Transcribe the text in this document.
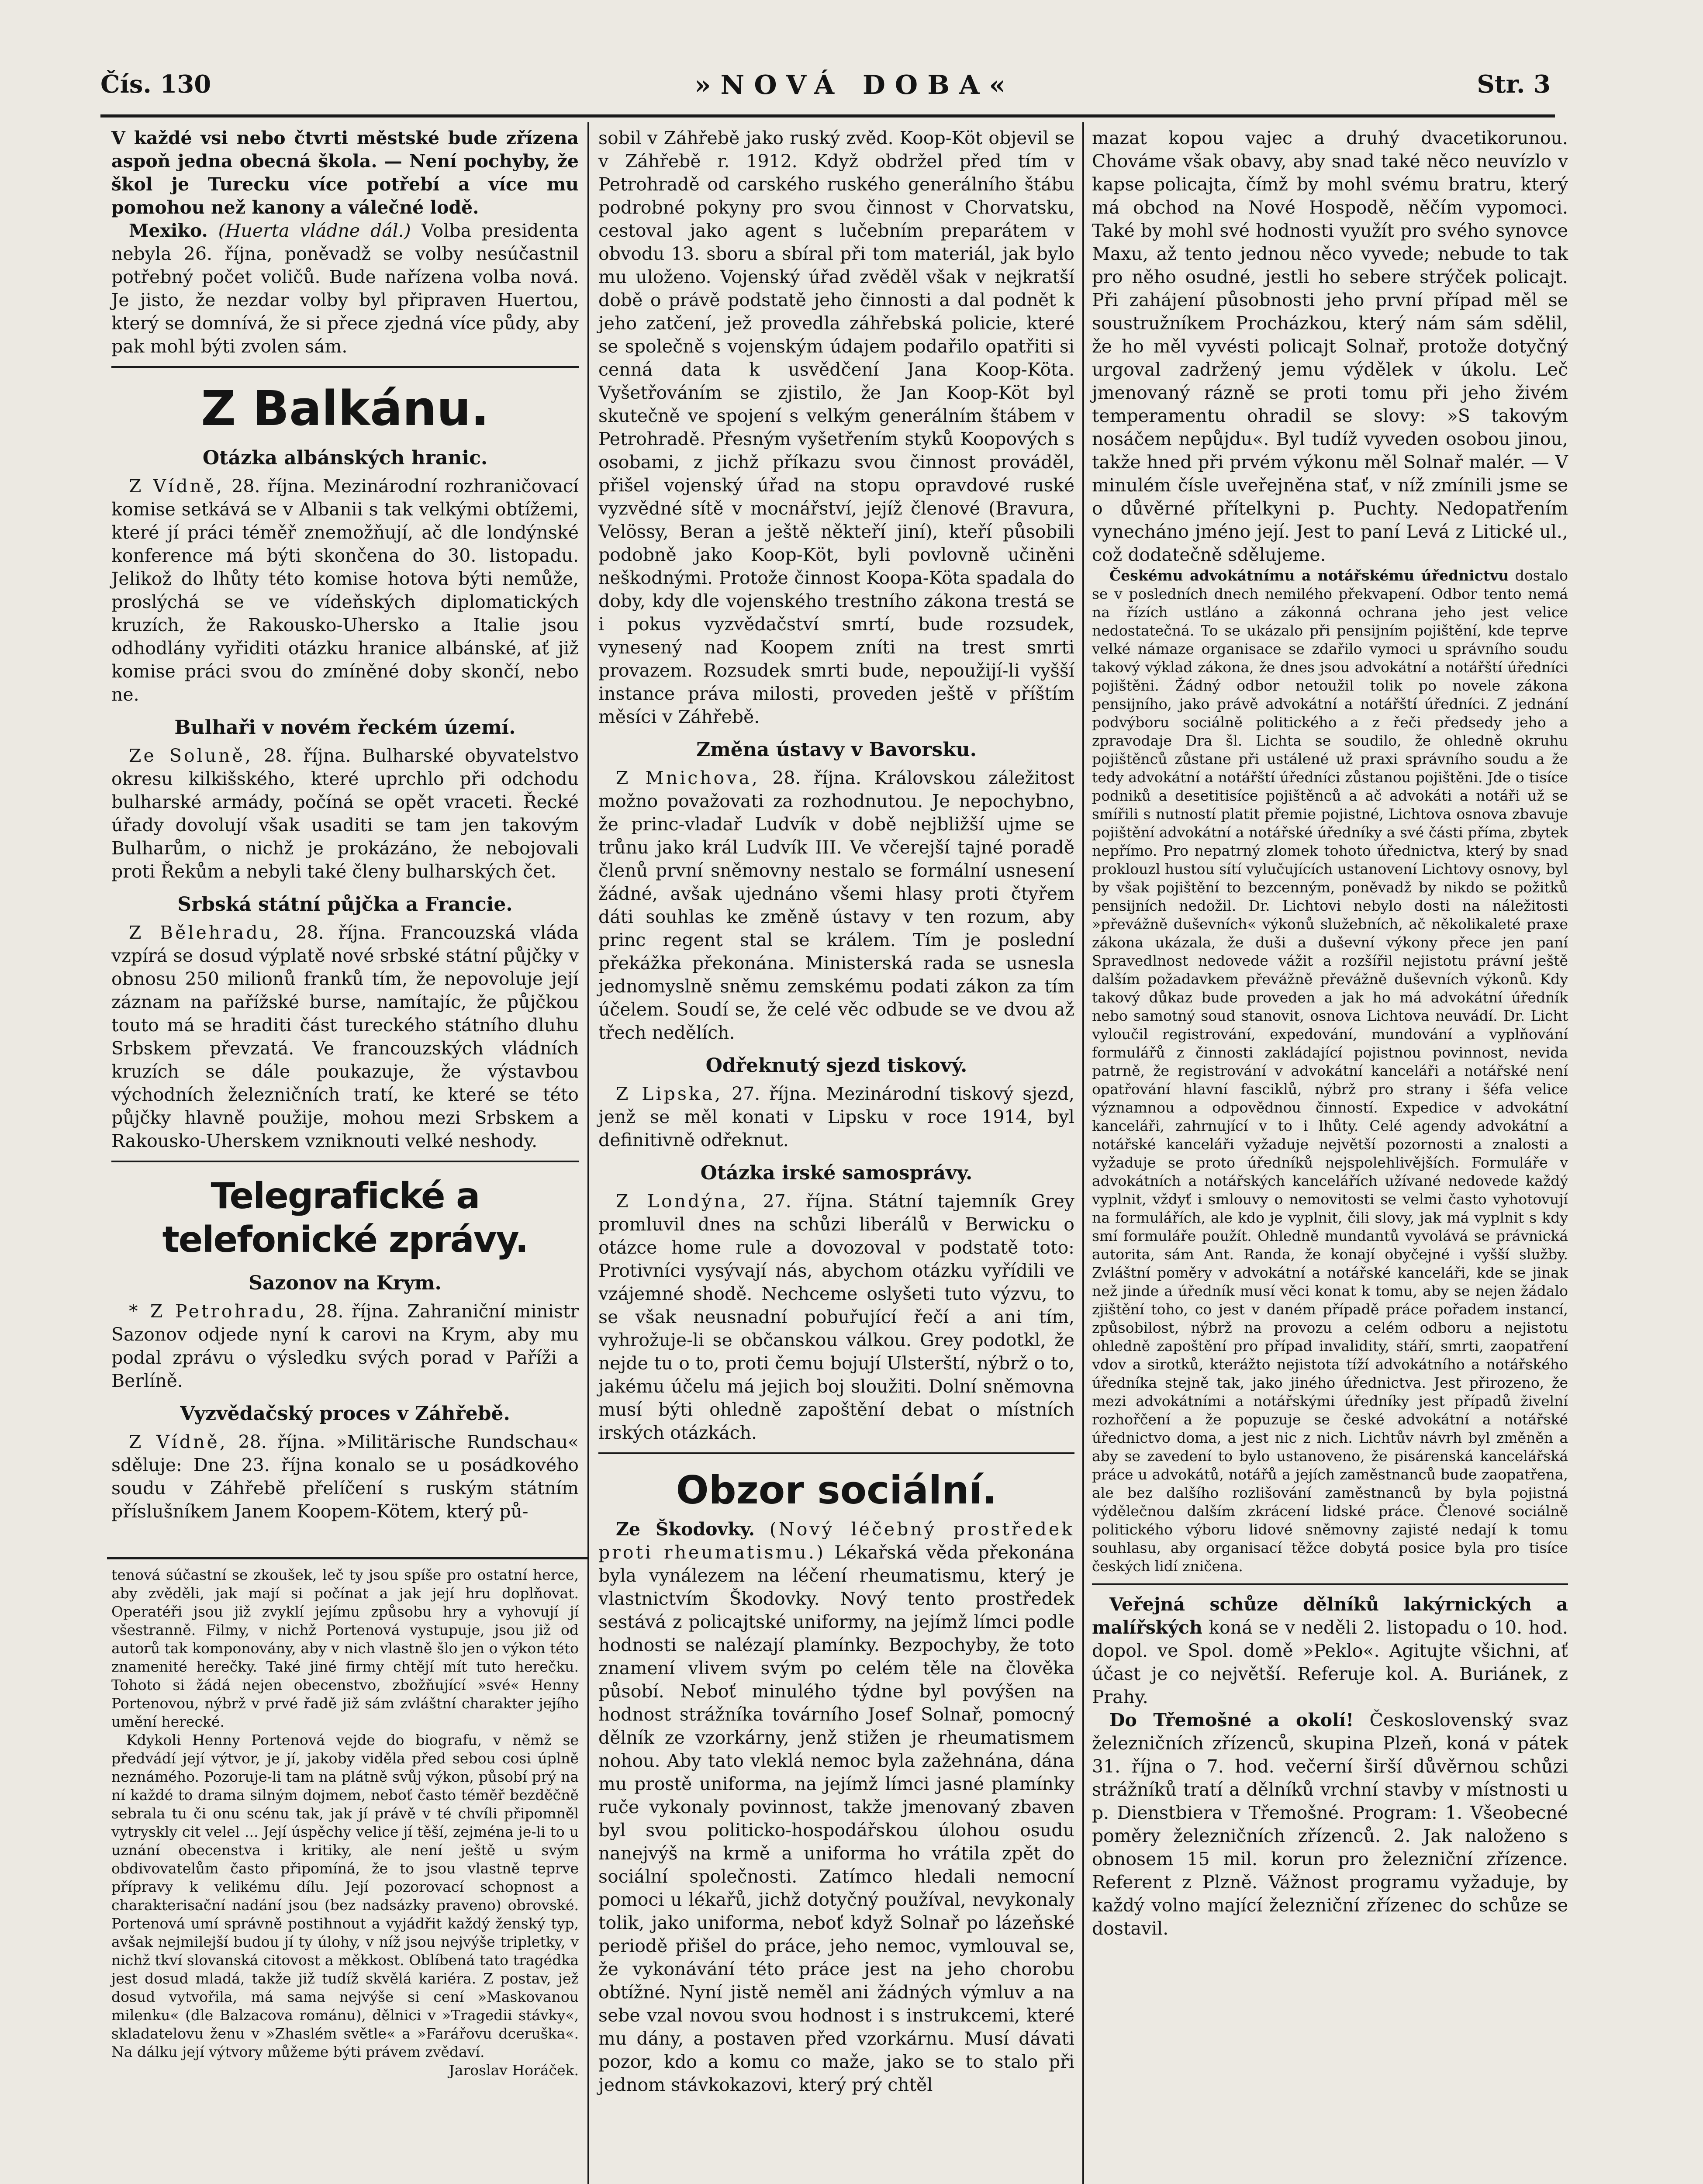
Čís. 130	»NOVÁ DOBA«	Str. 3

V každé vsi nebo čtvrti městské bude zřízena aspoň jedna obecná škola. — Není pochyby, že škol je Turecku více potřebí a více mu pomohou než kanony a válečné lodě.

Mexiko. (Huerta vládne dál.) Volba presidenta nebyla 26. října, poněvadž se volby nesúčastnil potřebný počet voličů. Bude nařízena volba nová. Je jisto, že nezdar volby byl připraven Huertou, který se domnívá, že si přece zjedná více půdy, aby pak mohl býti zvolen sám.

Z Balkánu.
Otázka albánských hranic.

Z Vídně, 28. října. Mezinárodní rozhraničovací komise setkává se v Albanii s tak velkými obtížemi, které jí práci téměř znemožňují, ač dle londýnské konference má býti skončena do 30. listopadu. Jelikož do lhůty této komise hotova býti nemůže, proslýchá se ve vídeňských diplomatických kruzích, že Rakousko-Uhersko a Italie jsou odhodlány vyřiditi otázku hranice albánské, ať již komise práci svou do zmíněné doby skončí, nebo ne.

Bulhaři v novém řeckém území.

Ze Soluně, 28. října. Bulharské obyvatelstvo okresu kilkišského, které uprchlo při odchodu bulharské armády, počíná se opět vraceti. Řecké úřady dovolují však usaditi se tam jen takovým Bulharům, o nichž je prokázáno, že nebojovali proti Řekům a nebyli také členy bulharských čet.

Srbská státní půjčka a Francie.

Z Bělehradu, 28. října. Francouzská vláda vzpírá se dosud výplatě nové srbské státní půjčky v obnosu 250 milionů franků tím, že nepovoluje její záznam na pařížské burse, namítajíc, že půjčkou touto má se hraditi část tureckého státního dluhu Srbskem převzatá. Ve francouzských vládních kruzích se dále poukazuje, že výstavbou východních železničních tratí, ke které se této půjčky hlavně použije, mohou mezi Srbskem a Rakousko-Uherskem vzniknouti velké neshody.

Telegrafické a telefonické zprávy.
Sazonov na Krym.

* Z Petrohradu, 28. října. Zahraniční ministr Sazonov odjede nyní k carovi na Krym, aby mu podal zprávu o výsledku svých porad v Paříži a Berlíně.

Vyzvědačský proces v Záhřebě.

Z Vídně, 28. října. »Militärische Rundschau« sděluje: Dne 23. října konalo se u posádkového soudu v Záhřebě přelíčení s ruským státním příslušníkem Janem Koopem-Kötem, který pů-

tenová súčastní se zkoušek, leč ty jsou spíše pro ostatní herce, aby zvěděli, jak mají si počínat a jak její hru doplňovat. Operatéři jsou již zvyklí jejímu způsobu hry a vyhovují jí všestranně. Filmy, v nichž Portenová vystupuje, jsou již od autorů tak komponovány, aby v nich vlastně šlo jen o výkon této znamenité herečky. Také jiné firmy chtějí mít tuto herečku. Tohoto si žádá nejen obecenstvo, zbožňující »své« Henny Portenovou, nýbrž v prvé řadě již sám zvláštní charakter jejího umění herecké.

Kdykoli Henny Portenová vejde do biografu, v němž se předvádí její výtvor, je jí, jakoby viděla před sebou cosi úplně neznámého. Pozoruje-li tam na plátně svůj výkon, působí prý na ní každé to drama silným dojmem, neboť často téměř bezděčně sebrala tu či onu scénu tak, jak jí právě v té chvíli připomněl vytryskly cit velel ... Její úspěchy velice jí těší, zejména je-li to u uznání obecenstva i kritiky, ale není ještě u svým obdivovatelům často připomíná, že to jsou vlastně teprve přípravy k velikému dílu. Její pozorovací schopnost a charakterisační nadání jsou (bez nadsázky praveno) obrovské. Portenová umí správně postihnout a vyjádřit každý ženský typ, avšak nejmilejší budou jí ty úlohy, v níž jsou nejvýše tripletky, v nichž tkví slovanská citovost a měkkost. Oblíbená tato tragédka jest dosud mladá, takže již tudíž skvělá kariéra. Z postav, jež dosud vytvořila, má sama nejvýše si cení »Maskovanou milenku« (dle Balzacova románu), dělnici v »Tragedii stávky«, skladatelovu ženu v »Zhaslém světle« a »Farářovu dceruška«. Na dálku její výtvory můžeme býti právem zvědaví.

Jaroslav Horáček.

sobil v Záhřebě jako ruský zvěd. Koop-Köt objevil se v Záhřebě r. 1912. Když obdržel před tím v Petrohradě od carského ruského generálního štábu podrobné pokyny pro svou činnost v Chorvatsku, cestoval jako agent s lučebním preparátem v obvodu 13. sboru a sbíral při tom materiál, jak bylo mu uloženo. Vojenský úřad zvěděl však v nejkratší době o právě podstatě jeho činnosti a dal podnět k jeho zatčení, jež provedla záhřebská policie, které se společně s vojenským údajem podařilo opatřiti si cenná data k usvědčení Jana Koop-Köta. Vyšetřováním se zjistilo, že Jan Koop-Köt byl skutečně ve spojení s velkým generálním štábem v Petrohradě. Přesným vyšetřením styků Koopových s osobami, z jichž příkazu svou činnost prováděl, přišel vojenský úřad na stopu opravdové ruské vyzvědné sítě v mocnářství, jejíž členové (Bravura, Velössy, Beran a ještě někteří jiní), kteří působili podobně jako Koop-Köt, byli povlovně učiněni neškodnými. Protože činnost Koopa-Köta spadala do doby, kdy dle vojenského trestního zákona trestá se i pokus vyzvědačství smrtí, bude rozsudek, vynesený nad Koopem zníti na trest smrti provazem. Rozsudek smrti bude, nepoužijí-li vyšší instance práva milosti, proveden ještě v příštím měsíci v Záhřebě.

Změna ústavy v Bavorsku.

Z Mnichova, 28. října. Královskou záležitost možno považovati za rozhodnutou. Je nepochybno, že princ-vladař Ludvík v době nejbližší ujme se trůnu jako král Ludvík III. Ve včerejší tajné poradě členů první sněmovny nestalo se formální usnesení žádné, avšak ujednáno všemi hlasy proti čtyřem dáti souhlas ke změně ústavy v ten rozum, aby princ regent stal se králem. Tím je poslední překážka překonána. Ministerská rada se usnesla jednomyslně sněmu zemskému podati zákon za tím účelem. Soudí se, že celé věc odbude se ve dvou až třech nedělích.

Odřeknutý sjezd tiskový.

Z Lipska, 27. října. Mezinárodní tiskový sjezd, jenž se měl konati v Lipsku v roce 1914, byl definitivně odřeknut.

Otázka irské samosprávy.

Z Londýna, 27. října. Státní tajemník Grey promluvil dnes na schůzi liberálů v Berwicku o otázce home rule a dovozoval v podstatě toto: Protivníci vysývají nás, abychom otázku vyřídili ve vzájemné shodě. Nechceme oslyšeti tuto výzvu, to se však neusnadní pobuřující řečí a ani tím, vyhrožuje-li se občanskou válkou. Grey podotkl, že nejde tu o to, proti čemu bojují Ulsterští, nýbrž o to, jakému účelu má jejich boj sloužiti. Dolní sněmovna musí býti ohledně zapoštění debat o místních irských otázkách.

Obzor sociální.

Ze Škodovky. (Nový léčebný prostředek proti rheumatismu.) Lékařská věda překonána byla vynálezem na léčení rheumatismu, který je vlastnictvím Škodovky. Nový tento prostředek sestává z policajtské uniformy, na jejímž límci podle hodnosti se nalézají plamínky. Bezpochyby, že toto znamení vlivem svým po celém těle na člověka působí. Neboť minulého týdne byl povýšen na hodnost strážníka továrního Josef Solnař, pomocný dělník ze vzorkárny, jenž stižen je rheumatismem nohou. Aby tato vleklá nemoc byla zažehnána, dána mu prostě uniforma, na jejímž límci jasné plamínky ruče vykonaly povinnost, takže jmenovaný zbaven byl svou politicko-hospodářskou úlohou osudu nanejvýš na krmě a uniforma ho vrátila zpět do sociální společnosti. Zatímco hledali nemocní pomoci u lékařů, jichž dotyčný používal, nevykonaly tolik, jako uniforma, neboť když Solnař po lázeňské periodě přišel do práce, jeho nemoc, vymlouval se, že vykonávání této práce jest na jeho chorobu obtížné. Nyní jistě neměl ani žádných výmluv a na sebe vzal novou svou hodnost i s instrukcemi, které mu dány, a postaven před vzorkárnu. Musí dávati pozor, kdo a komu co maže, jako se to stalo při jednom stávkokazovi, který prý chtěl

mazat kopou vajec a druhý dvacetikorunou. Chováme však obavy, aby snad také něco neuvízlo v kapse policajta, čímž by mohl svému bratru, který má obchod na Nové Hospodě, něčím vypomoci. Také by mohl své hodnosti využít pro svého synovce Maxu, až tento jednou něco vyvede; nebude to tak pro něho osudné, jestli ho sebere strýček policajt. Při zahájení působnosti jeho první případ měl se soustružníkem Procházkou, který nám sám sdělil, že ho měl vyvésti policajt Solnař, protože dotyčný urgoval zadržený jemu výdělek v úkolu. Leč jmenovaný rázně se proti tomu při jeho živém temperamentu ohradil se slovy: »S takovým nosáčem nepůjdu«. Byl tudíž vyveden osobou jinou, takže hned při prvém výkonu měl Solnař malér. — V minulém čísle uveřejněna stať, v níž zmínili jsme se o důvěrné přítelkyni p. Puchty. Nedopatřením vynecháno jméno její. Jest to paní Levá z Litické ul., což dodatečně sdělujeme.

Českému advokátnímu a notářskému úřednictvu dostalo se v posledních dnech nemilého překvapení. Odbor tento nemá na řízích ustláno a zákonná ochrana jeho jest velice nedostatečná. To se ukázalo při pensijním pojištění, kde teprve velké námaze organisace se zdařilo vymoci u správního soudu takový výklad zákona, že dnes jsou advokátní a notářští úředníci pojištěni. Žádný odbor netoužil tolik po novele zákona pensijního, jako právě advokátní a notářští úředníci. Z jednání podvýboru sociálně politického a z řeči předsedy jeho a zpravodaje Dra šl. Lichta se soudilo, že ohledně okruhu pojištěnců zůstane při ustálené už praxi správního soudu a že tedy advokátní a notářští úředníci zůstanou pojištěni. Jde o tisíce podniků a desetitisíce pojištěnců a ač advokáti a notáři už se smířili s nutností platit přemie pojistné, Lichtova osnova zbavuje pojištění advokátní a notářské úředníky a své části příma, zbytek nepřímo. Pro nepatrný zlomek tohoto úřednictva, který by snad proklouzl hustou sítí vylučujících ustanovení Lichtovy osnovy, byl by však pojištění to bezcenným, poněvadž by nikdo se požitků pensijních nedožil. Dr. Lichtovi nebylo dosti na náležitosti »převážně duševních« výkonů služebních, ač několikaleté praxe zákona ukázala, že duši a duševní výkony přece jen paní Spravedlnost nedovede vážit a rozšířil nejistotu právní ještě dalším požadavkem převážně převážně duševních výkonů. Kdy takový důkaz bude proveden a jak ho má advokátní úředník nebo samotný soud stanovit, osnova Lichtova neuvádí. Dr. Licht vyloučil registrování, expedování, mundování a vyplňování formulářů z činnosti zakládající pojistnou povinnost, nevida patrně, že registrování v advokátní kanceláři a notářské není opatřování hlavní fasciklů, nýbrž pro strany i šéfa velice významnou a odpovědnou činností. Expedice v advokátní kanceláři, zahrnující v to i lhůty. Celé agendy advokátní a notářské kanceláři vyžaduje největší pozornosti a znalosti a vyžaduje se proto úředníků nejspolehlivějších. Formuláře v advokátních a notářských kancelářích užívané nedovede každý vyplnit, vždyť i smlouvy o nemovitosti se velmi často vyhotovují na formulářích, ale kdo je vyplnit, čili slovy, jak má vyplnit s kdy smí formuláře použít. Ohledně mundantů vyvolává se právnická autorita, sám Ant. Randa, že konají obyčejné i vyšší služby. Zvláštní poměry v advokátní a notářské kanceláři, kde se jinak než jinde a úředník musí věci konat k tomu, aby se nejen žádalo zjištění toho, co jest v daném případě práce pořadem instancí, způsobilost, nýbrž na provozu a celém odboru a nejistotu ohledně zapoštění pro případ invalidity, stáří, smrti, zaopatření vdov a sirotků, kterážto nejistota tíží advokátního a notářského úředníka stejně tak, jako jiného úřednictva. Jest přirozeno, že mezi advokátními a notářskými úředníky jest případů živelní rozhořčení a že popuzuje se české advokátní a notářské úřednictvo doma, a jest nic z nich. Lichtův návrh byl změněn a aby se zavedení to bylo ustanoveno, že pisárenská kancelářská práce u advokátů, notářů a jejích zaměstnanců bude zaopatřena, ale bez dalšího rozlišování zaměstnanců by byla pojistná výdělečnou dalším zkrácení lidské práce. Členové sociálně politického výboru lidové sněmovny zajisté nedají k tomu souhlasu, aby organisací těžce dobytá posice byla pro tisíce českých lidí zničena.

Veřejná schůze dělníků lakýrnických a malířských koná se v neděli 2. listopadu o 10. hod. dopol. ve Spol. domě »Peklo«. Agitujte všichni, ať účast je co největší. Referuje kol. A. Buriánek, z Prahy.

Do Třemošné a okolí! Československý svaz železničních zřízenců, skupina Plzeň, koná v pátek 31. října o 7. hod. večerní širší důvěrnou schůzi strážníků tratí a dělníků vrchní stavby v místnosti u p. Dienstbiera v Třemošné. Program: 1. Všeobecné poměry železničních zřízenců. 2. Jak naloženo s obnosem 15 mil. korun pro železniční zřízence. Referent z Plzně. Vážnost programu vyžaduje, by každý volno mající železniční zřízenec do schůze se dostavil.
